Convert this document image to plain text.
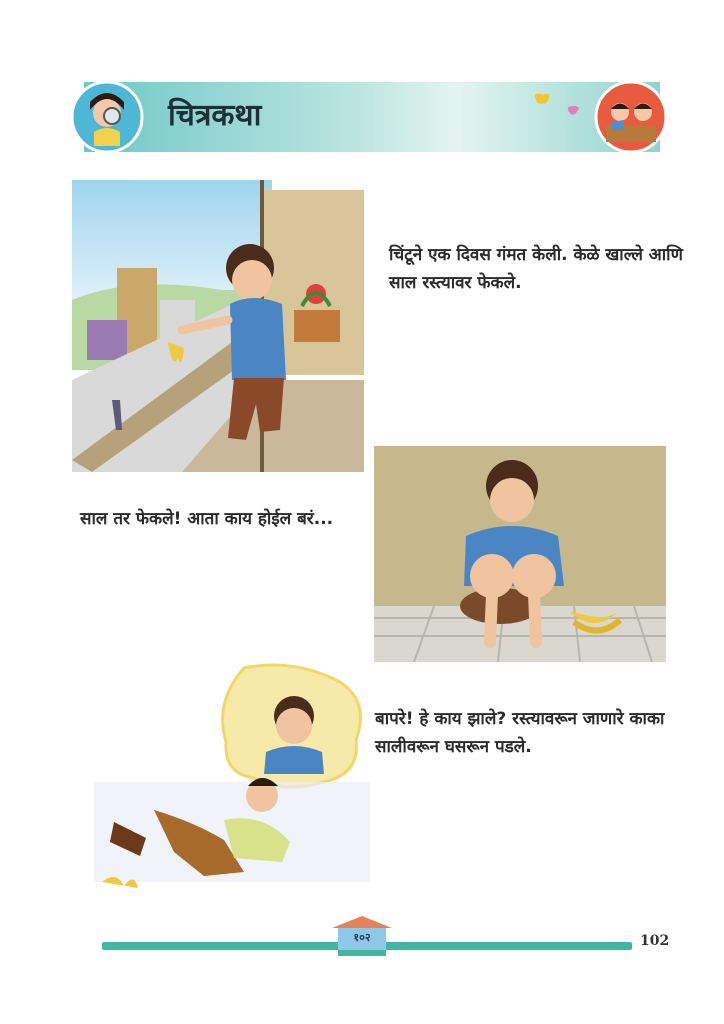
चित्रकथा
चिंटूने एक दिवस गंमत केली. केळे खाल्ले आणि साल रस्त्यावर फेकले.
साल तर फेकले! आता काय होईल बरं...
बापरे! हे काय झाले? रस्त्यावरून जाणारे काका सालीवरून घसरून पडले.
१०२	102
